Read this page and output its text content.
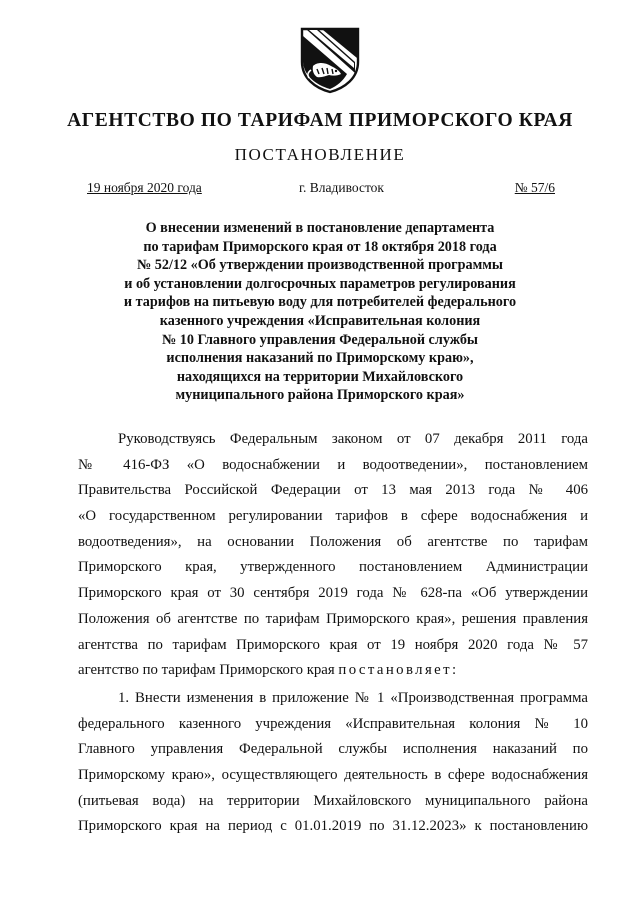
АГЕНТСТВО ПО ТАРИФАМ ПРИМОРСКОГО КРАЯ
ПОСТАНОВЛЕНИЕ
19 ноября 2020 года	г. Владивосток	№ 57/6
О внесении изменений в постановление департамента
по тарифам Приморского края от 18 октября 2018 года
№ 52/12 «Об утверждении производственной программы
и об установлении долгосрочных параметров регулирования
и тарифов на питьевую воду для потребителей федерального
казенного учреждения «Исправительная колония
№ 10 Главного управления Федеральной службы
исполнения наказаний по Приморскому краю»,
находящихся на территории Михайловского
муниципального района Приморского края»
Руководствуясь Федеральным законом от 07 декабря 2011 года
№ 416-ФЗ «О водоснабжении и водоотведении», постановлением
Правительства Российской Федерации от 13 мая 2013 года № 406
«О государственном регулировании тарифов в сфере водоснабжения и
водоотведения», на основании Положения об агентстве по тарифам
Приморского края, утвержденного постановлением Администрации
Приморского края от 30 сентября 2019 года № 628-па «Об утверждении
Положения об агентстве по тарифам Приморского края», решения правления
агентства по тарифам Приморского края от 19 ноября 2020 года № 57
агентство по тарифам Приморского края постановляет:
1. Внести изменения в приложение № 1 «Производственная программа
федерального казенного учреждения «Исправительная колония № 10
Главного управления Федеральной службы исполнения наказаний по
Приморскому краю», осуществляющего деятельность в сфере водоснабжения
(питьевая вода) на территории Михайловского муниципального района
Приморского края на период с 01.01.2019 по 31.12.2023» к постановлению
